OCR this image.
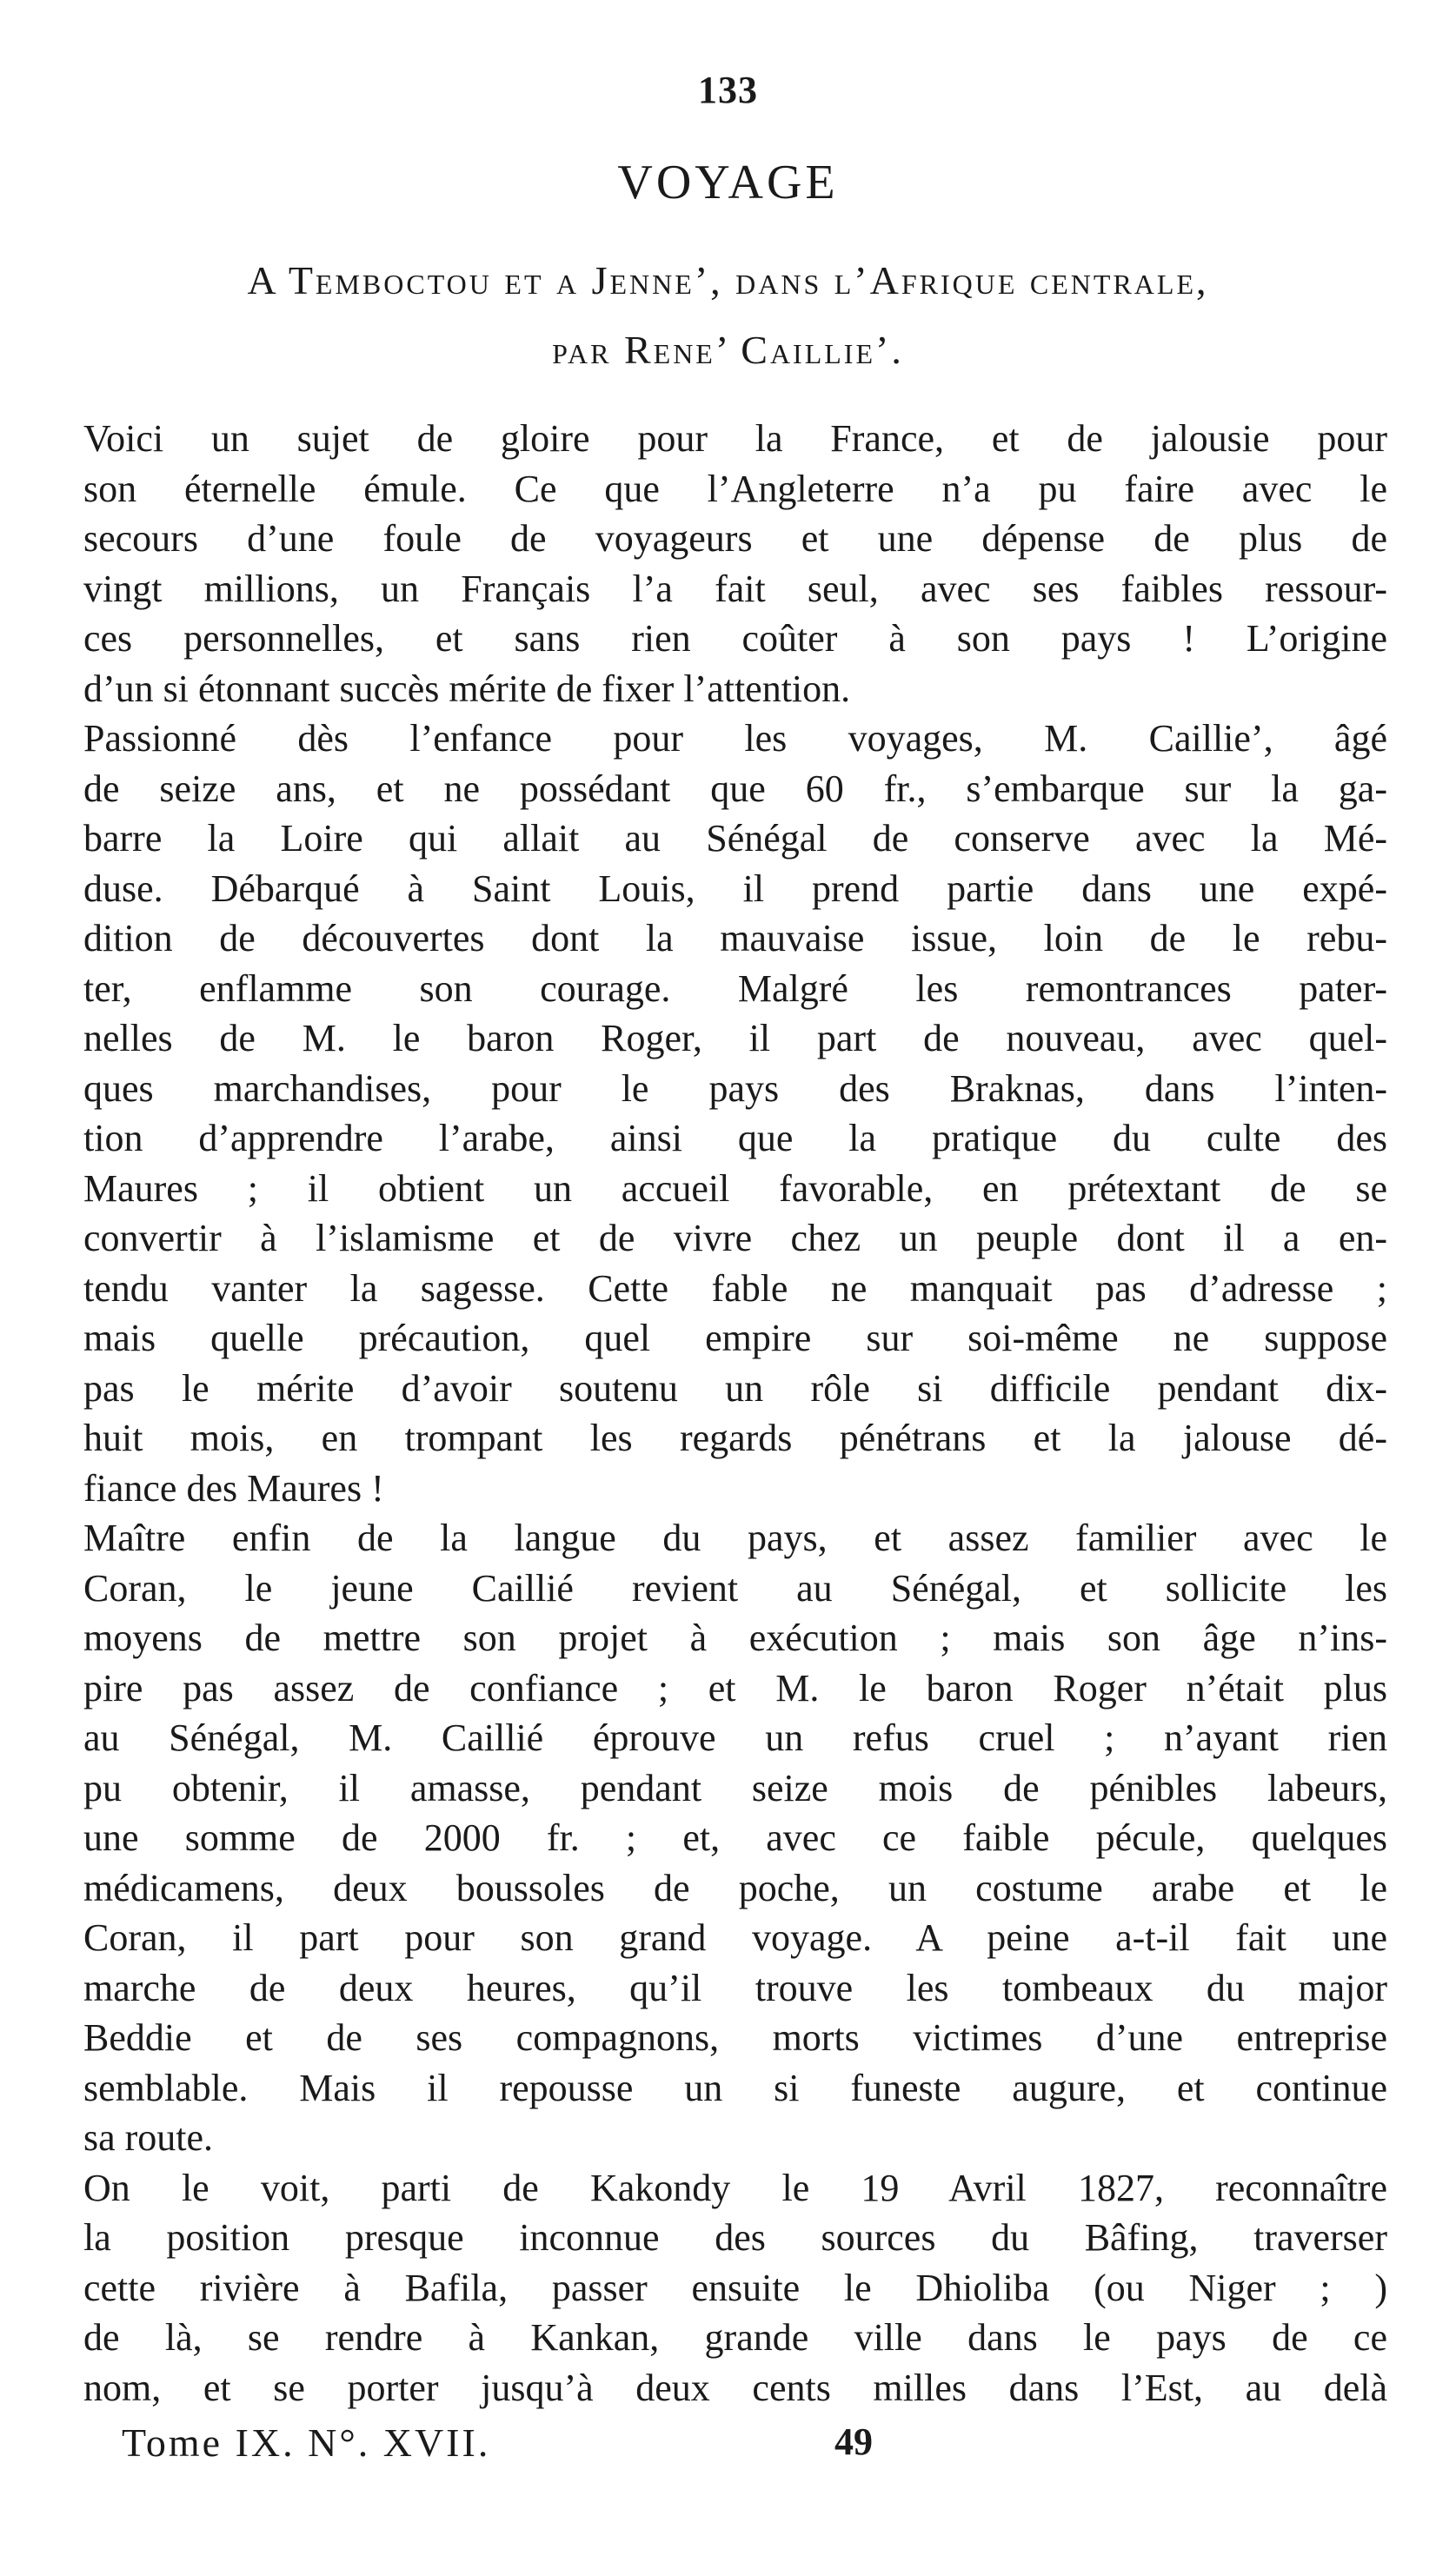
133
VOYAGE
A Temboctou et a Jenne’, dans l’Afrique centrale,
par Rene’ Caillie’.
Voici un sujet de gloire pour la France, et de jalousie pour
son éternelle émule. Ce que l’Angleterre n’a pu faire avec le
secours d’une foule de voyageurs et une dépense de plus de
vingt millions, un Français l’a fait seul, avec ses faibles ressour-
ces personnelles, et sans rien coûter à son pays ! L’origine
d’un si étonnant succès mérite de fixer l’attention.
Passionné dès l’enfance pour les voyages, M. Caillie’, âgé
de seize ans, et ne possédant que 60 fr., s’embarque sur la ga-
barre la Loire qui allait au Sénégal de conserve avec la Mé-
duse. Débarqué à Saint Louis, il prend partie dans une expé-
dition de découvertes dont la mauvaise issue, loin de le rebu-
ter, enflamme son courage. Malgré les remontrances pater-
nelles de M. le baron Roger, il part de nouveau, avec quel-
ques marchandises, pour le pays des Braknas, dans l’inten-
tion d’apprendre l’arabe, ainsi que la pratique du culte des
Maures ; il obtient un accueil favorable, en prétextant de se
convertir à l’islamisme et de vivre chez un peuple dont il a en-
tendu vanter la sagesse. Cette fable ne manquait pas d’adresse ;
mais quelle précaution, quel empire sur soi-même ne suppose
pas le mérite d’avoir soutenu un rôle si difficile pendant dix-
huit mois, en trompant les regards pénétrans et la jalouse dé-
fiance des Maures !
Maître enfin de la langue du pays, et assez familier avec le
Coran, le jeune Caillié revient au Sénégal, et sollicite les
moyens de mettre son projet à exécution ; mais son âge n’ins-
pire pas assez de confiance ; et M. le baron Roger n’était plus
au Sénégal, M. Caillié éprouve un refus cruel ; n’ayant rien
pu obtenir, il amasse, pendant seize mois de pénibles labeurs,
une somme de 2000 fr. ; et, avec ce faible pécule, quelques
médicamens, deux boussoles de poche, un costume arabe et le
Coran, il part pour son grand voyage. A peine a-t-il fait une
marche de deux heures, qu’il trouve les tombeaux du major
Beddie et de ses compagnons, morts victimes d’une entreprise
semblable. Mais il repousse un si funeste augure, et continue
sa route.
On le voit, parti de Kakondy le 19 Avril 1827, reconnaître
la position presque inconnue des sources du Bâfing, traverser
cette rivière à Bafila, passer ensuite le Dhioliba (ou Niger ; )
de là, se rendre à Kankan, grande ville dans le pays de ce
nom, et se porter jusqu’à deux cents milles dans l’Est, au delà
Tome IX. N°. XVII.	49
